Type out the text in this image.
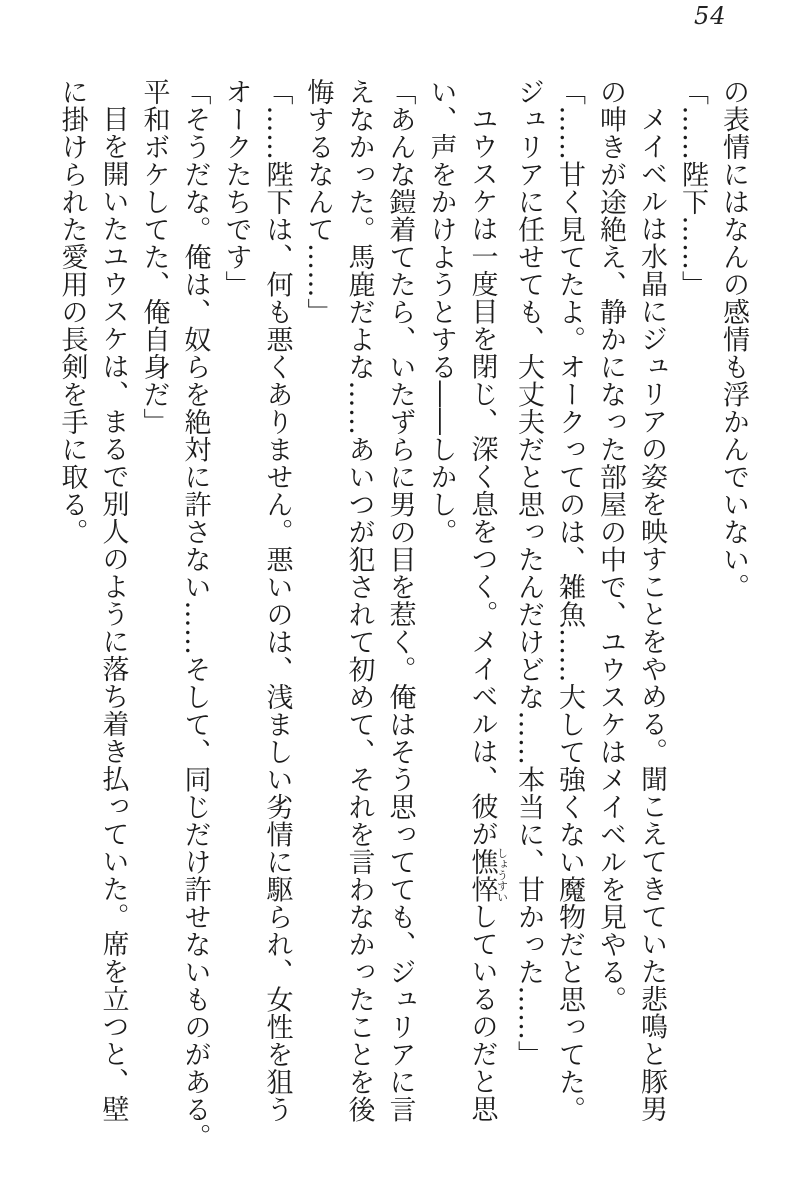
54
の表情にはなんの感情も浮かんでいない。
「……陛下……」
メイベルは水晶にジュリアの姿を映すことをやめる。聞こえてきていた悲鳴と豚男
の呻きが途絶え、静かになった部屋の中で、ユウスケはメイベルを見やる。
「……甘く見てたよ。オークってのは、雑魚……大して強くない魔物だと思ってた。
ジュリアに任せても、大丈夫だと思ったんだけどな……本当に、甘かった……」
ユウスケは一度目を閉じ、深く息をつく。メイベルは、彼が憔悴しょうすいしているのだと思
い、声をかけようとする――しかし。
「あんな鎧着てたら、いたずらに男の目を惹く。俺はそう思ってても、ジュリアに言
えなかった。馬鹿だよな……あいつが犯されて初めて、それを言わなかったことを後
悔するなんて……」
「……陛下は、何も悪くありません。悪いのは、浅ましい劣情に駆られ、女性を狙う
オークたちです」
「そうだな。俺は、奴らを絶対に許さない……そして、同じだけ許せないものがある。
平和ボケしてた、俺自身だ」
目を開いたユウスケは、まるで別人のように落ち着き払っていた。席を立つと、壁
に掛けられた愛用の長剣を手に取る。
